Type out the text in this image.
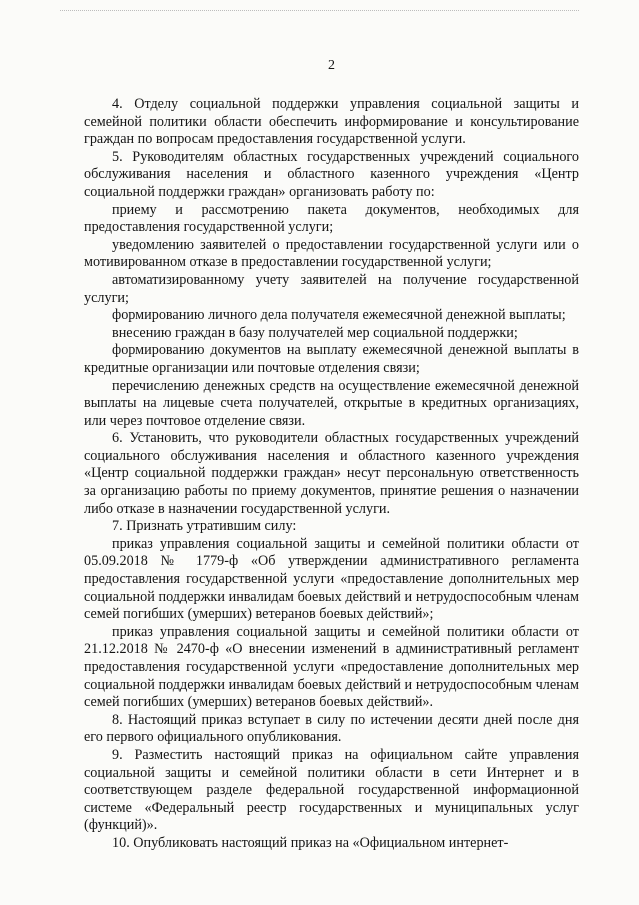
2

4. Отделу социальной поддержки управления социальной защиты и семейной политики области обеспечить информирование и консультирование граждан по вопросам предоставления государственной услуги.

5. Руководителям областных государственных учреждений социального обслуживания населения и областного казенного учреждения «Центр социальной поддержки граждан» организовать работу по:

приему и рассмотрению пакета документов, необходимых для предоставления государственной услуги;

уведомлению заявителей о предоставлении государственной услуги или о мотивированном отказе в предоставлении государственной услуги;

автоматизированному учету заявителей на получение государственной услуги;

формированию личного дела получателя ежемесячной денежной выплаты;

внесению граждан в базу получателей мер социальной поддержки;

формированию документов на выплату ежемесячной денежной выплаты в кредитные организации или почтовые отделения связи;

перечислению денежных средств на осуществление ежемесячной денежной выплаты на лицевые счета получателей, открытые в кредитных организациях, или через почтовое отделение связи.

6. Установить, что руководители областных государственных учреждений социального обслуживания населения и областного казенного учреждения «Центр социальной поддержки граждан» несут персональную ответственность за организацию работы по приему документов, принятие решения о назначении либо отказе в назначении государственной услуги.

7. Признать утратившим силу:

приказ управления социальной защиты и семейной политики области от 05.09.2018 № 1779-ф «Об утверждении административного регламента предоставления государственной услуги «предоставление дополнительных мер социальной поддержки инвалидам боевых действий и нетрудоспособным членам семей погибших (умерших) ветеранов боевых действий»;

приказ управления социальной защиты и семейной политики области от 21.12.2018 № 2470-ф «О внесении изменений в административный регламент предоставления государственной услуги «предоставление дополнительных мер социальной поддержки инвалидам боевых действий и нетрудоспособным членам семей погибших (умерших) ветеранов боевых действий».

8. Настоящий приказ вступает в силу по истечении десяти дней после дня его первого официального опубликования.

9. Разместить настоящий приказ на официальном сайте управления социальной защиты и семейной политики области в сети Интернет и в соответствующем разделе федеральной государственной информационной системе «Федеральный реестр государственных и муниципальных услуг (функций)».

10. Опубликовать настоящий приказ на «Официальном интернет-
